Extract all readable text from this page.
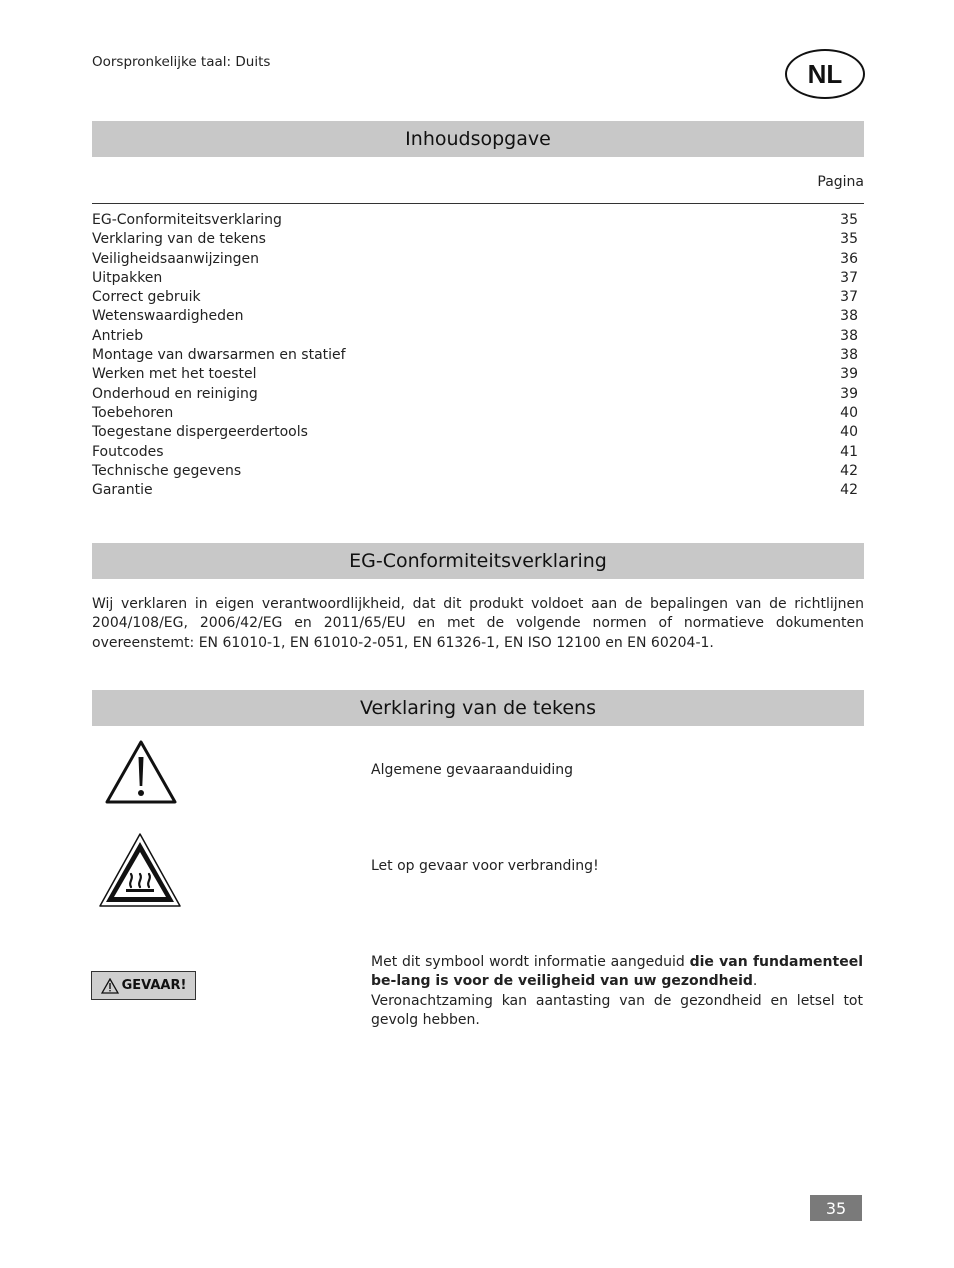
Oorspronkelijke taal: Duits	NL
Inhoudsopgave
Pagina
EG-Conformiteitsverklaring	35
Verklaring van de tekens	35
Veiligheidsaanwijzingen	36
Uitpakken	37
Correct gebruik	37
Wetenswaardigheden	38
Antrieb	38
Montage van dwarsarmen en statief	38
Werken met het toestel	39
Onderhoud en reiniging	39
Toebehoren	40
Toegestane dispergeerdertools	40
Foutcodes	41
Technische gegevens	42
Garantie	42
EG-Conformiteitsverklaring
Wij verklaren in eigen verantwoordlijkheid, dat dit produkt voldoet aan de bepalingen van de richtlijnen 2004/108/EG, 2006/42/EG en 2011/65/EU en met de volgende normen of normatieve dokumenten overeenstemt: EN 61010-1, EN 61010-2-051, EN 61326-1, EN ISO 12100 en EN 60204-1.
Verklaring van de tekens
Algemene gevaaraanduiding
Let op gevaar voor verbranding!
GEVAAR!
Met dit symbool wordt informatie aangeduid die van fundamenteel be-lang is voor de veiligheid van uw gezondheid.
Veronachtzaming kan aantasting van de gezondheid en letsel tot gevolg hebben.
35
